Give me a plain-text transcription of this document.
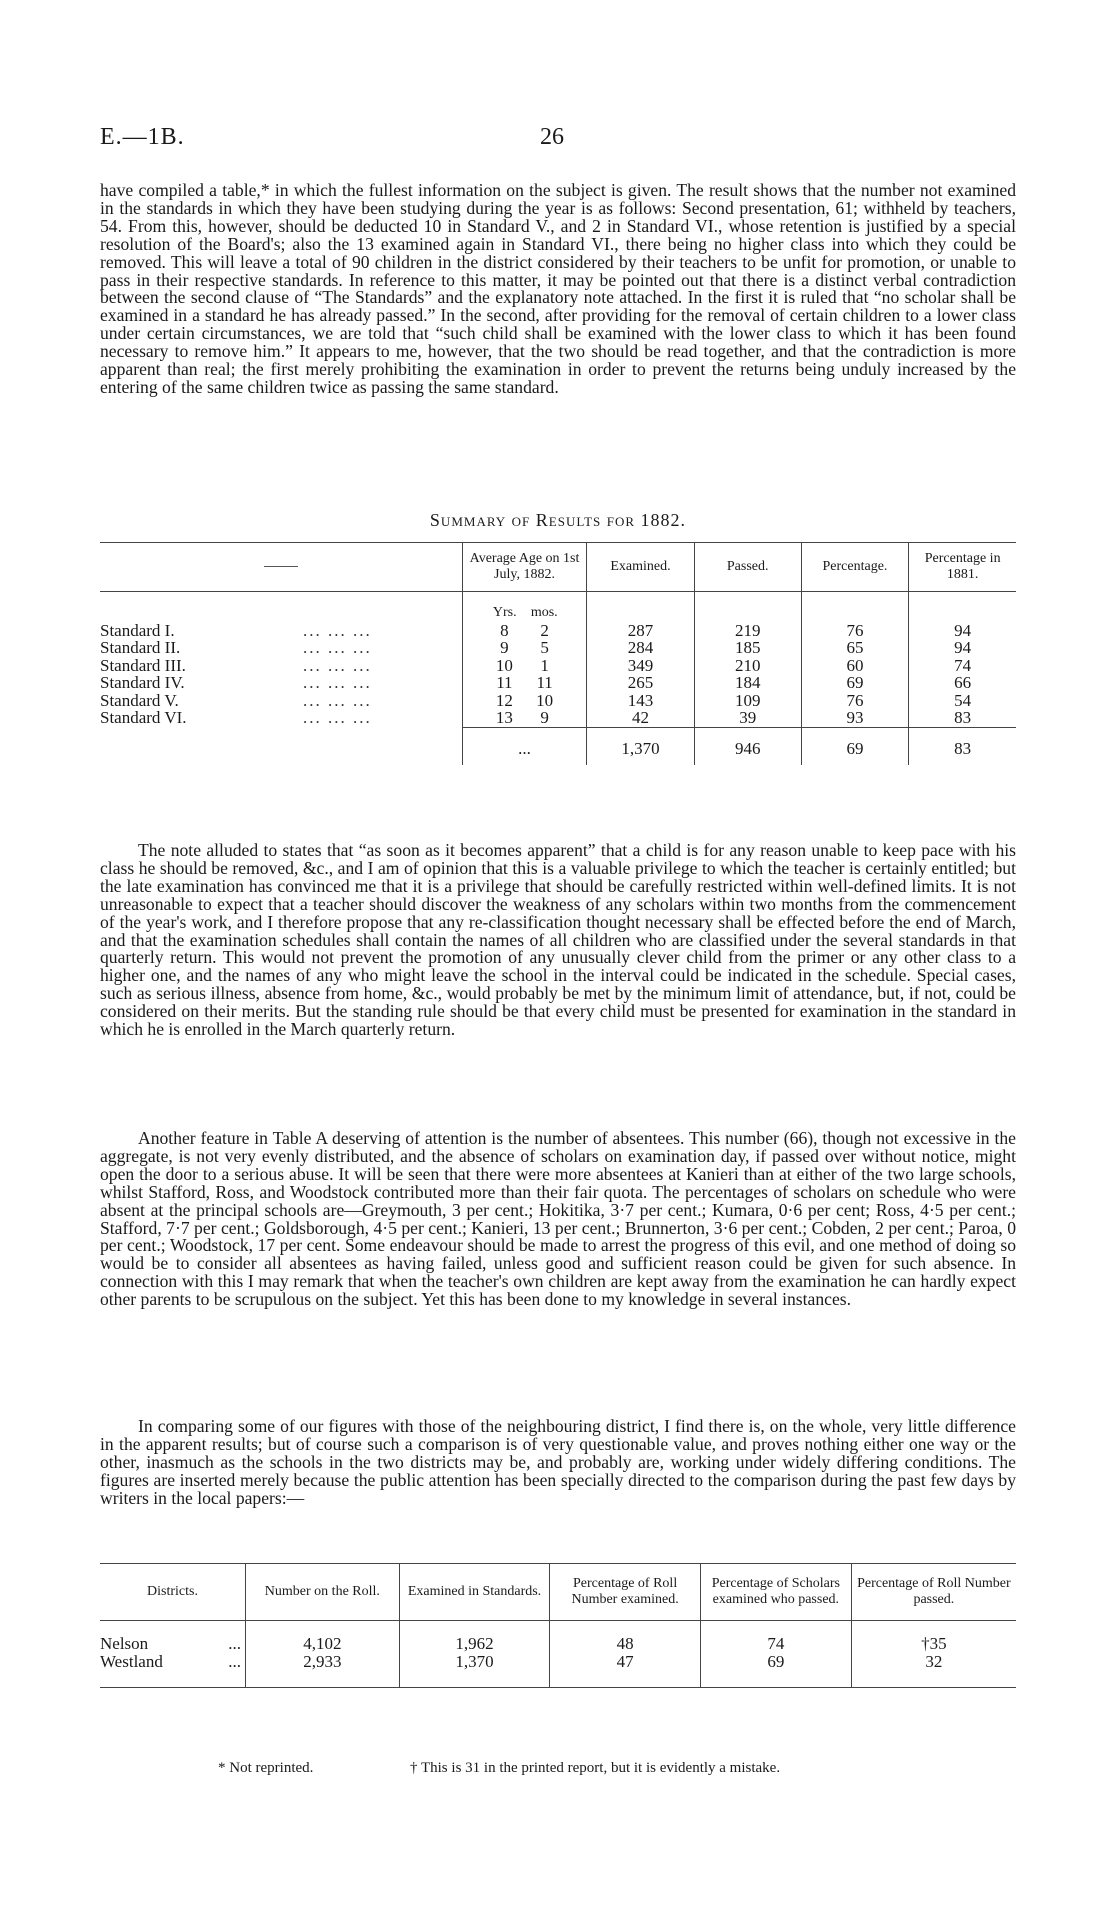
E.—1B.	26

have compiled a table,* in which the fullest information on the subject is given. The result shows that the number not examined in the standards in which they have been studying during the year is as follows: Second presentation, 61; withheld by teachers, 54. From this, however, should be deducted 10 in Standard V., and 2 in Standard VI., whose retention is justified by a special resolution of the Board's; also the 13 examined again in Standard VI., there being no higher class into which they could be removed. This will leave a total of 90 children in the district considered by their teachers to be unfit for promotion, or unable to pass in their respective standards. In reference to this matter, it may be pointed out that there is a distinct verbal contradiction between the second clause of “The Standards” and the explanatory note attached. In the first it is ruled that “no scholar shall be examined in a standard he has already passed.” In the second, after providing for the removal of certain children to a lower class under certain circumstances, we are told that “such child shall be examined with the lower class to which it has been found necessary to remove him.” It appears to me, however, that the two should be read together, and that the contradiction is more apparent than real; the first merely prohibiting the examination in order to prevent the returns being unduly increased by the entering of the same children twice as passing the same standard.

Summary of Results for 1882.
		Average Age on 1st July, 1882.	Examined.	Passed.	Percentage.	Percentage in 1881.
		Yrs. mos.				
Standard I.	... ... ...	8 2	287	219	76	94
Standard II.	... ... ...	9 5	284	185	65	94
Standard III.	... ... ...	10 1	349	210	60	74
Standard IV.	... ... ...	11 11	265	184	69	66
Standard V.	... ... ...	12 10	143	109	76	54
Standard VI.	... ... ...	13 9	42	39	93	83
		...	1,370	946	69	83

The note alluded to states that “as soon as it becomes apparent” that a child is for any reason unable to keep pace with his class he should be removed, &c., and I am of opinion that this is a valuable privilege to which the teacher is certainly entitled; but the late examination has convinced me that it is a privilege that should be carefully restricted within well-defined limits. It is not unreasonable to expect that a teacher should discover the weakness of any scholars within two months from the commencement of the year's work, and I therefore propose that any re-classification thought necessary shall be effected before the end of March, and that the examination schedules shall contain the names of all children who are classified under the several standards in that quarterly return. This would not prevent the promotion of any unusually clever child from the primer or any other class to a higher one, and the names of any who might leave the school in the interval could be indicated in the schedule. Special cases, such as serious illness, absence from home, &c., would probably be met by the minimum limit of attendance, but, if not, could be considered on their merits. But the standing rule should be that every child must be presented for examination in the standard in which he is enrolled in the March quarterly return.

Another feature in Table A deserving of attention is the number of absentees. This number (66), though not excessive in the aggregate, is not very evenly distributed, and the absence of scholars on examination day, if passed over without notice, might open the door to a serious abuse. It will be seen that there were more absentees at Kanieri than at either of the two large schools, whilst Stafford, Ross, and Woodstock contributed more than their fair quota. The percentages of scholars on schedule who were absent at the principal schools are—Greymouth, 3 per cent.; Hokitika, 3·7 per cent.; Kumara, 0·6 per cent; Ross, 4·5 per cent.; Stafford, 7·7 per cent.; Goldsborough, 4·5 per cent.; Kanieri, 13 per cent.; Brunnerton, 3·6 per cent.; Cobden, 2 per cent.; Paroa, 0 per cent.; Woodstock, 17 per cent. Some endeavour should be made to arrest the progress of this evil, and one method of doing so would be to consider all absentees as having failed, unless good and sufficient reason could be given for such absence. In connection with this I may remark that when the teacher's own children are kept away from the examination he can hardly expect other parents to be scrupulous on the subject. Yet this has been done to my knowledge in several instances.

In comparing some of our figures with those of the neighbouring district, I find there is, on the whole, very little difference in the apparent results; but of course such a comparison is of very questionable value, and proves nothing either one way or the other, inasmuch as the schools in the two districts may be, and probably are, working under widely differing conditions. The figures are inserted merely because the public attention has been specially directed to the comparison during the past few days by writers in the local papers:—

Districts.	Number on the Roll.	Examined in Standards.	Percentage of Roll Number examined.	Percentage of Scholars examined who passed.	Percentage of Roll Number passed.
Nelson ...	4,102	1,962	48	74	†35
Westland ...	2,933	1,370	47	69	32
* Not reprinted.	† This is 31 in the printed report, but it is evidently a mistake.
